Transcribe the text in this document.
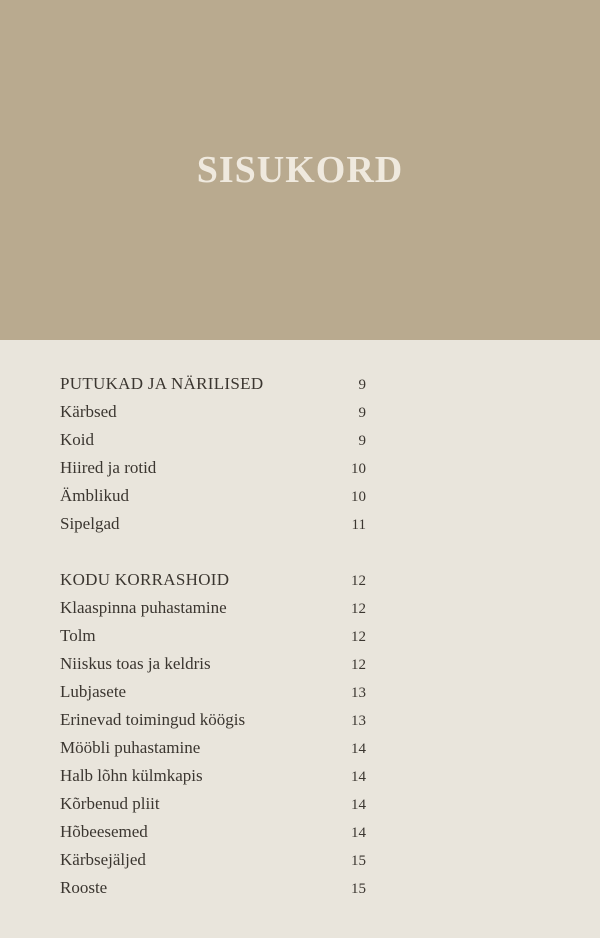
SISUKORD
PUTUKAD JA NÄRILISED	9
Kärbsed	9
Koid	9
Hiired ja rotid	10
Ämblikud	10
Sipelgad	11
KODU KORRASHOID	12
Klaaspinna puhastamine	12
Tolm	12
Niiskus toas ja keldris	12
Lubjasete	13
Erinevad toimingud köögis	13
Mööbli puhastamine	14
Halb lõhn külmkapis	14
Kõrbenud pliit	14
Hõbeesemed	14
Kärbsejäljed	15
Rooste	15
